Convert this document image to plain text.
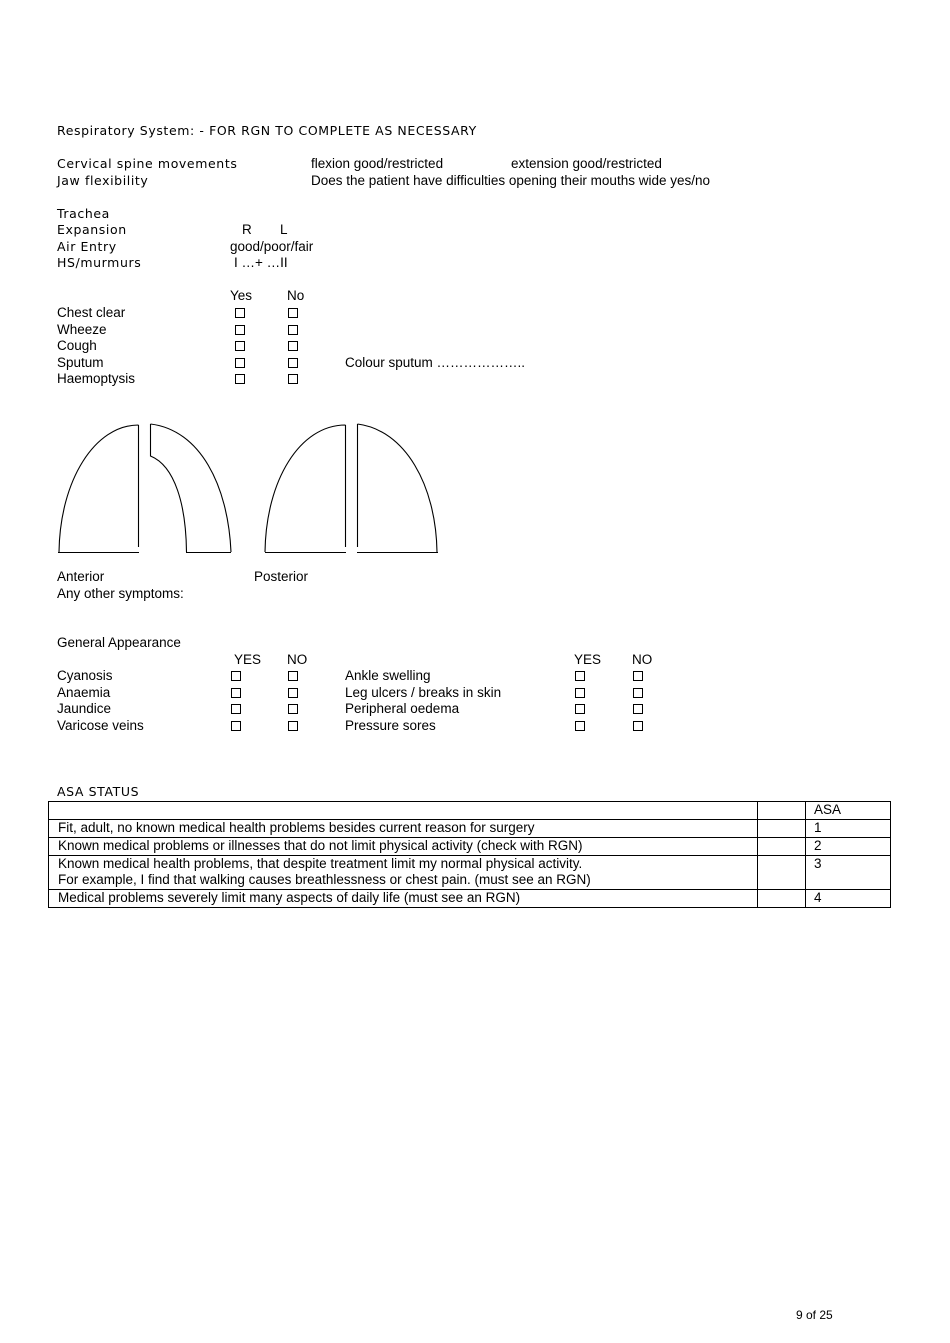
Respiratory System: - FOR RGN TO COMPLETE AS NECESSARY
Cervical spine movements	flexion good/restricted	extension good/restricted
Jaw flexibility	Does the patient have difficulties opening their mouths wide yes/no
Trachea
Expansion	R L
Air Entry	good/poor/fair
HS/murmurs	I …+ …II
Yes	No
Chest clear
Wheeze
Cough
Sputum	Colour sputum ………………..
Haemoptysis
Anterior	Posterior
Any other symptoms:
General Appearance
YES NO	YES NO
Cyanosis	Ankle swelling
Anaemia	Leg ulcers / breaks in skin
Jaundice	Peripheral oedema
Varicose veins	Pressure sores
ASA STATUS
		ASA
Fit, adult, no known medical health problems besides current reason for surgery		1
Known medical problems or illnesses that do not limit physical activity (check with RGN)		2

Known medical health problems, that despite treatment limit my normal physical activity.
For example, I find that walking causes breathlessness or chest pain. (must see an RGN)		3
Medical problems severely limit many aspects of daily life (must see an RGN)		4
9 of 25
